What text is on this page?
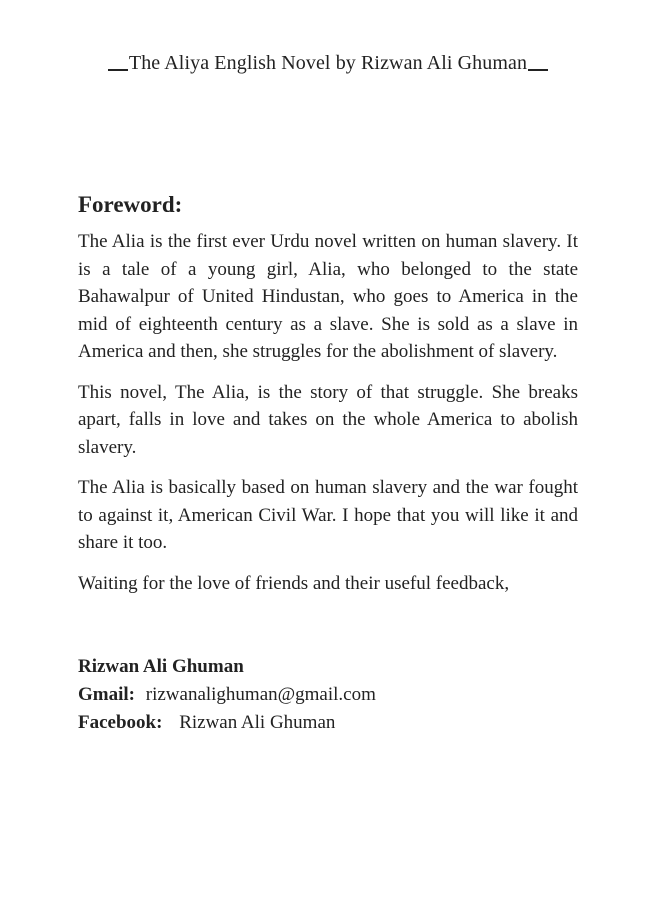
The Aliya English Novel by Rizwan Ali Ghuman
Foreword:

The Alia is the first ever Urdu novel written on human slavery. It is a tale of a young girl, Alia, who belonged to the state Bahawalpur of United Hindustan, who goes to America in the mid of eighteenth century as a slave. She is sold as a slave in America and then, she struggles for the abolishment of slavery.

This novel, The Alia, is the story of that struggle. She breaks apart, falls in love and takes on the whole America to abolish slavery.

The Alia is basically based on human slavery and the war fought to against it, American Civil War. I hope that you will like it and share it too.

Waiting for the love of friends and their useful feedback,

Rizwan Ali Ghuman
Gmail: rizwanalighuman@gmail.com
Facebook: Rizwan Ali Ghuman
